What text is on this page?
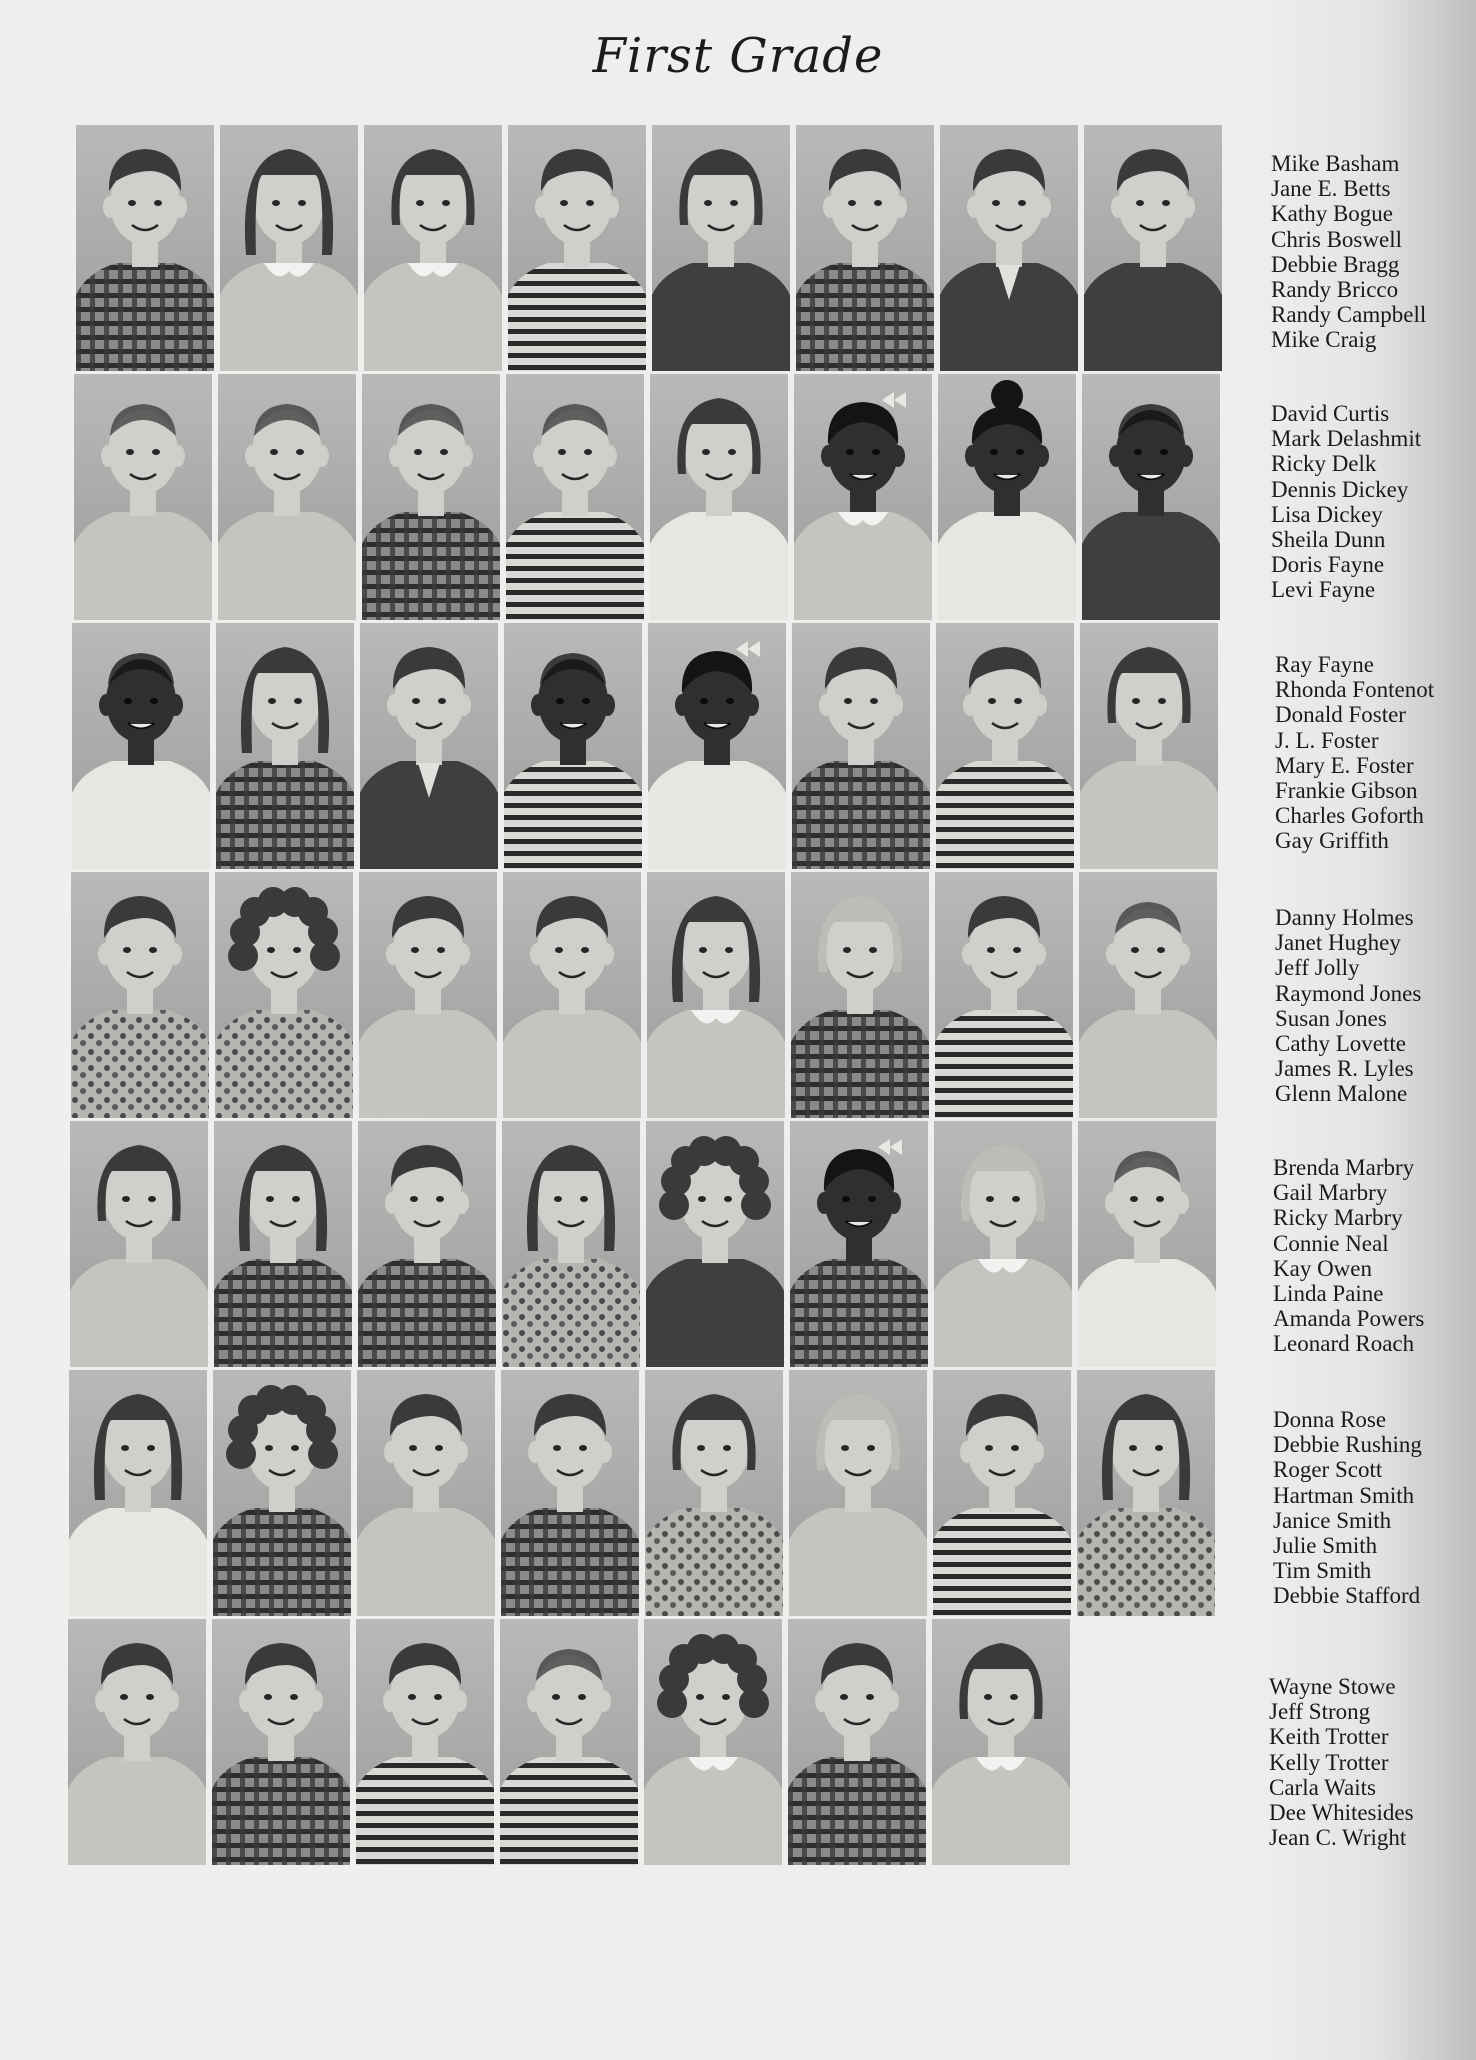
First Grade
Mike Basham
Jane E. Betts
Kathy Bogue
Chris Boswell
Debbie Bragg
Randy Bricco
Randy Campbell
Mike Craig
David Curtis
Mark Delashmit
Ricky Delk
Dennis Dickey
Lisa Dickey
Sheila Dunn
Doris Fayne
Levi Fayne
Ray Fayne
Rhonda Fontenot
Donald Foster
J. L. Foster
Mary E. Foster
Frankie Gibson
Charles Goforth
Gay Griffith
Danny Holmes
Janet Hughey
Jeff Jolly
Raymond Jones
Susan Jones
Cathy Lovette
James R. Lyles
Glenn Malone
Brenda Marbry
Gail Marbry
Ricky Marbry
Connie Neal
Kay Owen
Linda Paine
Amanda Powers
Leonard Roach
Donna Rose
Debbie Rushing
Roger Scott
Hartman Smith
Janice Smith
Julie Smith
Tim Smith
Debbie Stafford
Wayne Stowe
Jeff Strong
Keith Trotter
Kelly Trotter
Carla Waits
Dee Whitesides
Jean C. Wright
